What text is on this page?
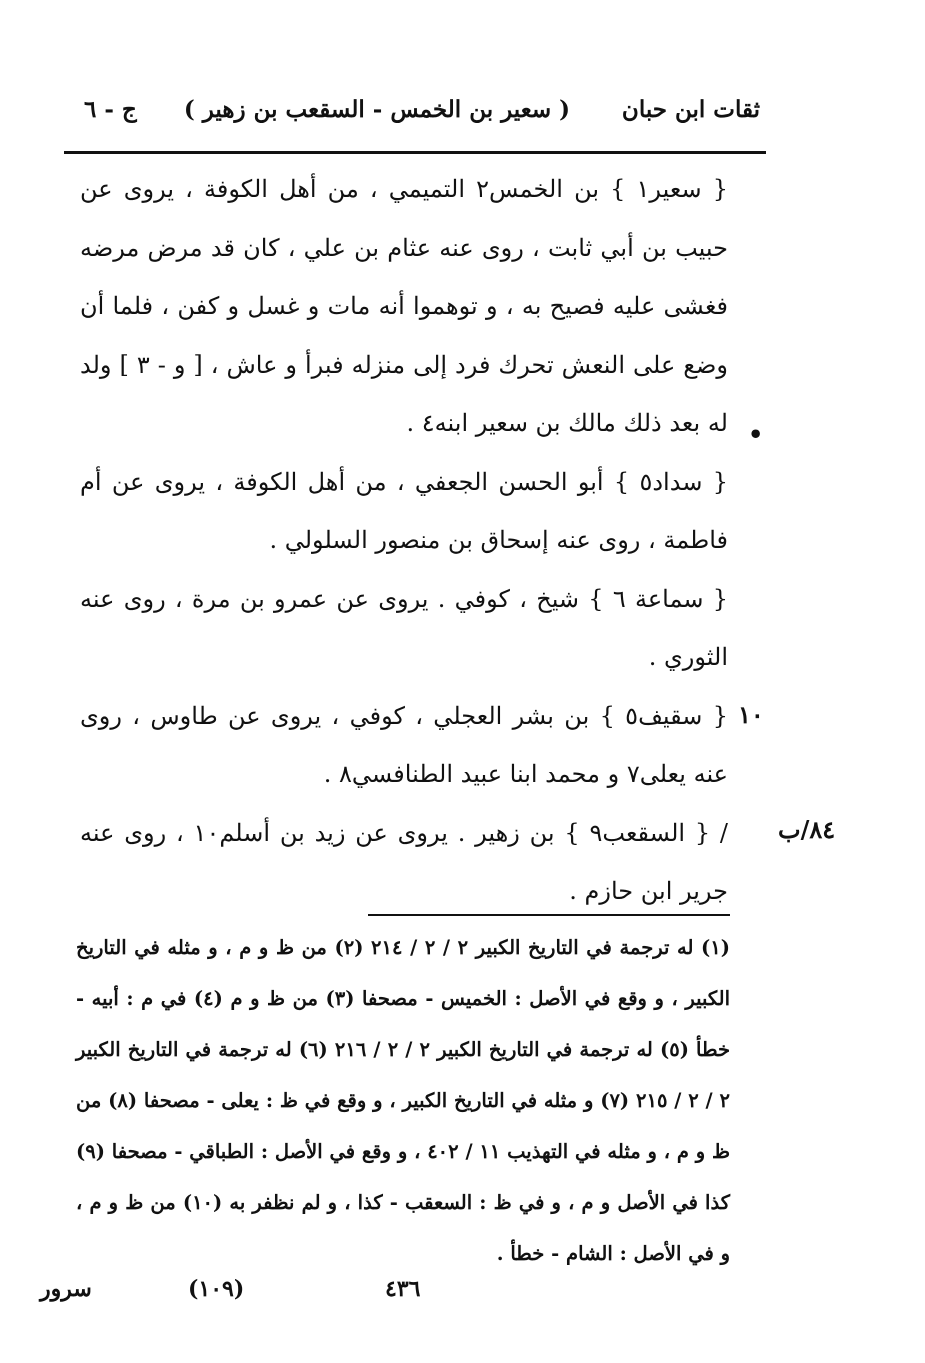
ثقات ابن حبان
( سعير بن الخمس - السقعب بن زهير )
ج - ٦

{ سعير١ } بن الخمس٢ التميمي ، من أهل الكوفة ، يروى عن حبيب بن أبي ثابت ، روى عنه عثام بن علي ، كان قد مرض مرضه فغشى عليه فصيح به ، و توهموا أنه مات و غسل و كفن ، فلما أن وضع على النعش تحرك فرد إلى منزله فبرأ و عاش ، [ و - ٣ ] ولد له بعد ذلك مالك بن سعير ابنه٤ .

{ سداد٥ } أبو الحسن الجعفي ، من أهل الكوفة ، يروى عن أم فاطمة ، روى عنه إسحاق بن منصور السلولي .

{ سماعة ٦ } شيخ ، كوفي . يروى عن عمرو بن مرة ، روى عنه الثوري .

{ سقيف٥ } بن بشر العجلي ، كوفي ، يروى عن طاوس ، روى عنه يعلى٧ و محمد ابنا عبيد الطنافسي٨ .

/ { السقعب٩ } بن زهير . يروى عن زيد بن أسلم١٠ ، روى عنه جرير ابن حازم .

•
١٠
٨٤/ب

(١) له ترجمة في التاريخ الكبير ٢ / ٢ / ٢١٤ (٢) من ظ و م ، و مثله في التاريخ الكبير ، و وقع في الأصل : الخميس - مصحفا (٣) من ظ و م (٤) في م : أبيه - خطأ (٥) له ترجمة في التاريخ الكبير ٢ / ٢ / ٢١٦ (٦) له ترجمة في التاريخ الكبير ٢ / ٢ / ٢١٥ (٧) و مثله في التاريخ الكبير ، و وقع في ظ : يعلى - مصحفا (٨) من ظ و م ، و مثله في التهذيب ١١ / ٤٠٢ ، و وقع في الأصل : الطباقي - مصحفا (٩) كذا في الأصل و م ، و في ظ : السعقب - كذا ، و لم نظفر به (١٠) من ظ و م ، و في الأصل : الشام - خطأ .

٤٣٦
(١٠٩)
سرور
